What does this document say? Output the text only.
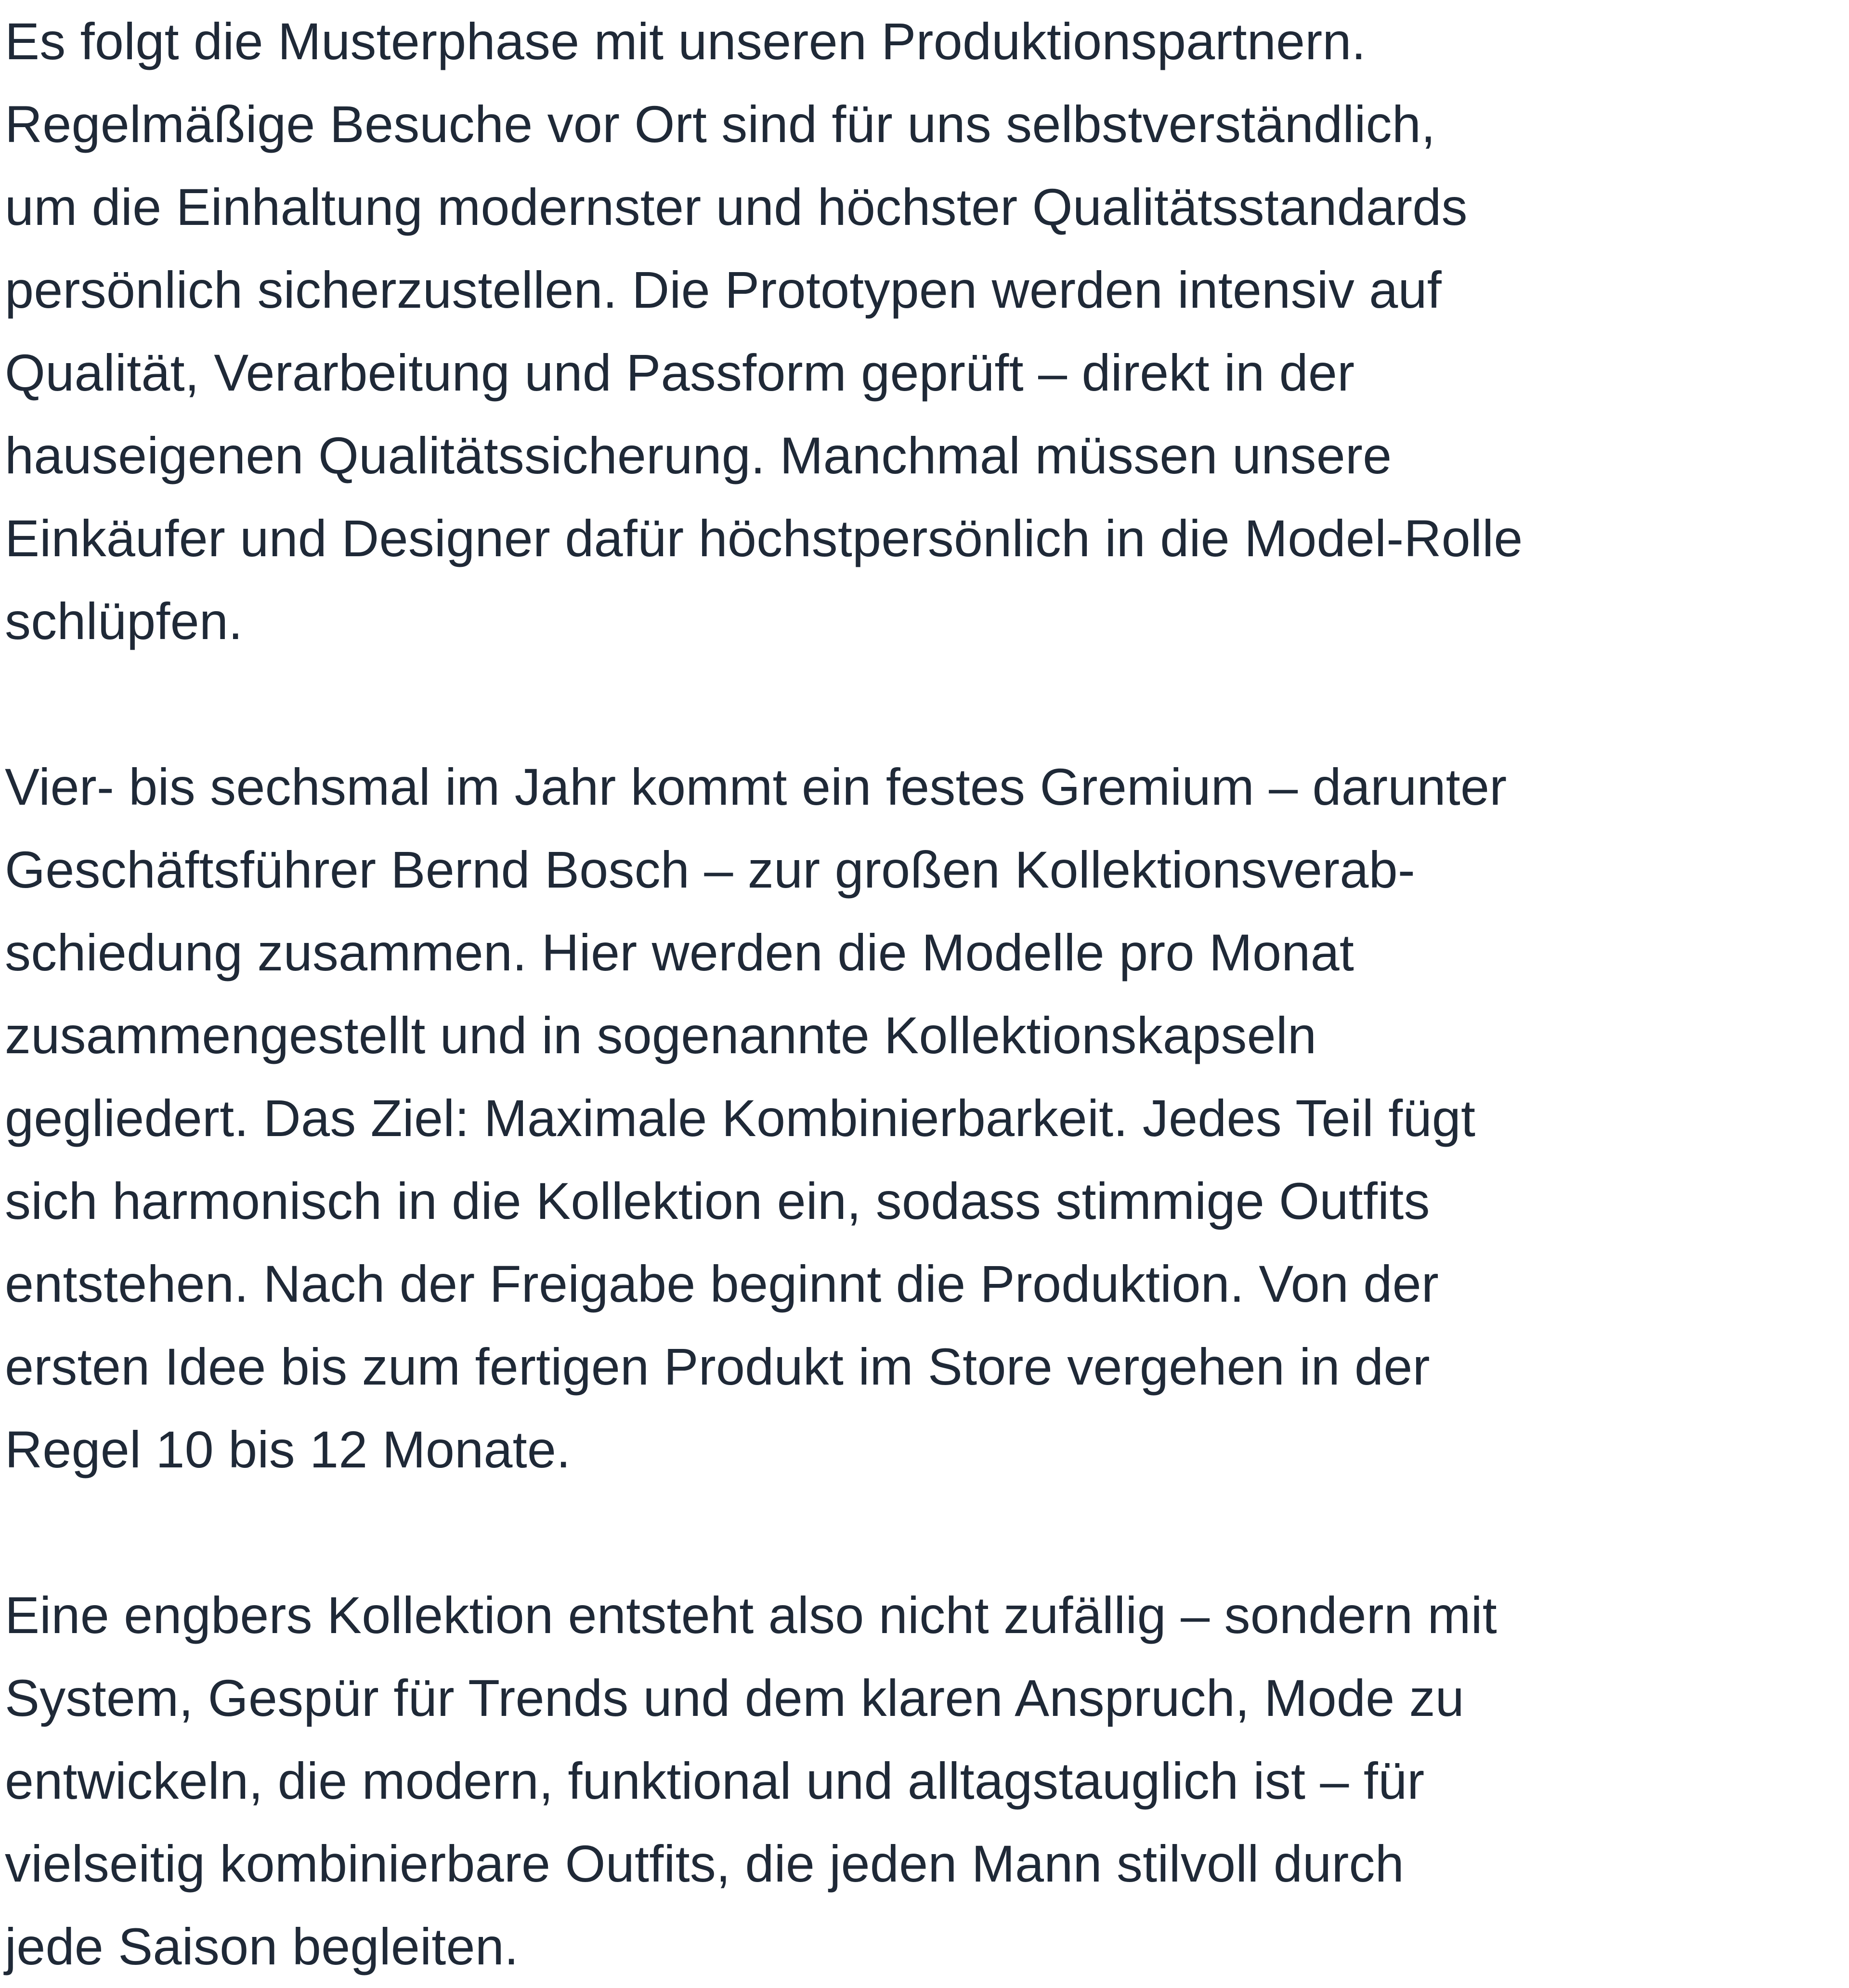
Es folgt die Musterphase mit unseren Produktionspartnern.
Regelmäßige Besuche vor Ort sind für uns selbstverständlich,
um die Einhaltung modernster und höchster Qualitätsstandards
persönlich sicherzustellen. Die Prototypen werden intensiv auf
Qualität, Verarbeitung und Passform geprüft – direkt in der
hauseigenen Qualitätssicherung. Manchmal müssen unsere
Einkäufer und Designer dafür höchstpersönlich in die Model-Rolle
schlüpfen.

Vier- bis sechsmal im Jahr kommt ein festes Gremium – darunter
Geschäftsführer Bernd Bosch – zur großen Kollektionsverab-
schiedung zusammen. Hier werden die Modelle pro Monat
zusammengestellt und in sogenannte Kollektionskapseln
gegliedert. Das Ziel: Maximale Kombinierbarkeit. Jedes Teil fügt
sich harmonisch in die Kollektion ein, sodass stimmige Outfits
entstehen. Nach der Freigabe beginnt die Produktion. Von der
ersten Idee bis zum fertigen Produkt im Store vergehen in der
Regel 10 bis 12 Monate.

Eine engbers Kollektion entsteht also nicht zufällig – sondern mit
System, Gespür für Trends und dem klaren Anspruch, Mode zu
entwickeln, die modern, funktional und alltagstauglich ist – für
vielseitig kombinierbare Outfits, die jeden Mann stilvoll durch
jede Saison begleiten.
